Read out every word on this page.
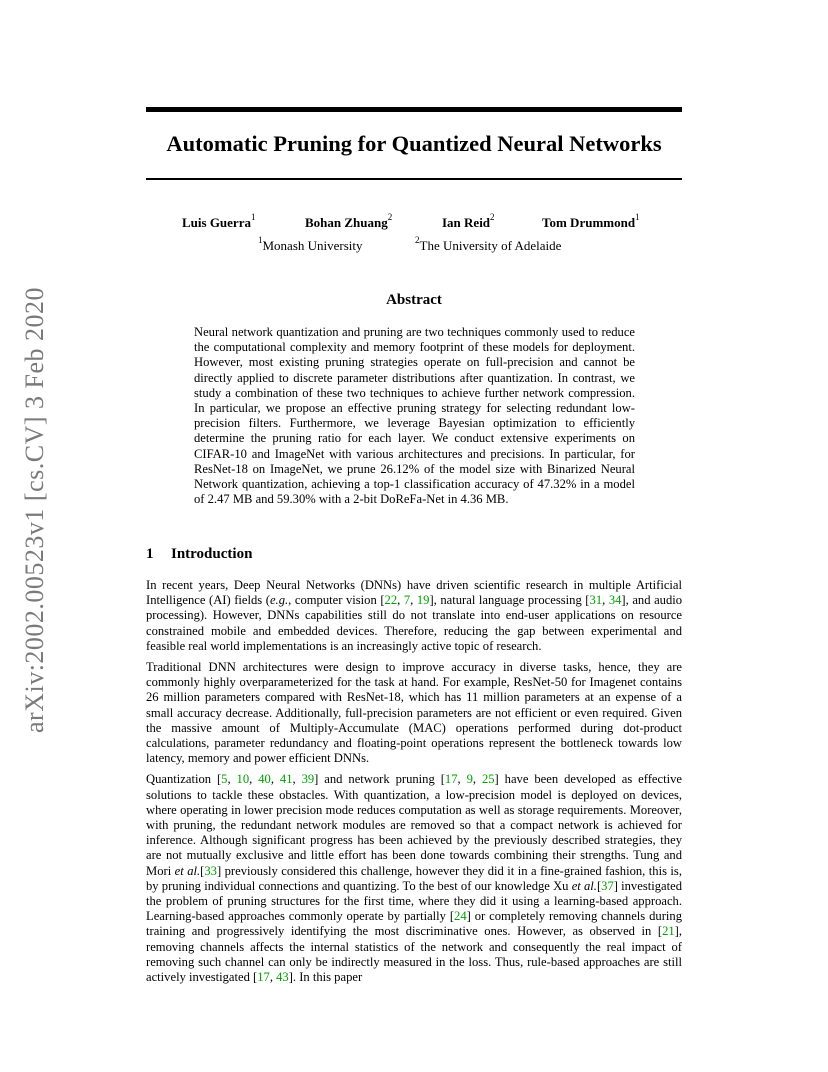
arXiv:2002.00523v1 [cs.CV] 3 Feb 2020
Automatic Pruning for Quantized Neural Networks
Luis Guerra$^1$	Bohan Zhuang$^2$	Ian Reid$^2$	Tom Drummond$^1$
$^1$Monash University	$^2$The University of Adelaide
Abstract

Neural network quantization and pruning are two techniques commonly used to reduce the computational complexity and memory footprint of these models for deployment. However, most existing pruning strategies operate on full-precision and cannot be directly applied to discrete parameter distributions after quantization. In contrast, we study a combination of these two techniques to achieve further network compression. In particular, we propose an effective pruning strategy for selecting redundant low-precision filters. Furthermore, we leverage Bayesian optimization to efficiently determine the pruning ratio for each layer. We conduct extensive experiments on CIFAR-10 and ImageNet with various architectures and precisions. In particular, for ResNet-18 on ImageNet, we prune 26.12% of the model size with Binarized Neural Network quantization, achieving a top-1 classification accuracy of 47.32% in a model of 2.47 MB and 59.30% with a 2-bit DoReFa-Net in 4.36 MB.

1 Introduction

In recent years, Deep Neural Networks (DNNs) have driven scientific research in multiple Artificial Intelligence (AI) fields (e.g., computer vision [22, 7, 19], natural language processing [31, 34], and audio processing). However, DNNs capabilities still do not translate into end-user applications on resource constrained mobile and embedded devices. Therefore, reducing the gap between experimental and feasible real world implementations is an increasingly active topic of research.

Traditional DNN architectures were design to improve accuracy in diverse tasks, hence, they are commonly highly overparameterized for the task at hand. For example, ResNet-50 for Imagenet contains 26 million parameters compared with ResNet-18, which has 11 million parameters at an expense of a small accuracy decrease. Additionally, full-precision parameters are not efficient or even required. Given the massive amount of Multiply-Accumulate (MAC) operations performed during dot-product calculations, parameter redundancy and floating-point operations represent the bottleneck towards low latency, memory and power efficient DNNs.

Quantization [5, 10, 40, 41, 39] and network pruning [17, 9, 25] have been developed as effective solutions to tackle these obstacles. With quantization, a low-precision model is deployed on devices, where operating in lower precision mode reduces computation as well as storage requirements. Moreover, with pruning, the redundant network modules are removed so that a compact network is achieved for inference. Although significant progress has been achieved by the previously described strategies, they are not mutually exclusive and little effort has been done towards combining their strengths. Tung and Mori et al.[33] previously considered this challenge, however they did it in a fine-grained fashion, this is, by pruning individual connections and quantizing. To the best of our knowledge Xu et al.[37] investigated the problem of pruning structures for the first time, where they did it using a learning-based approach. Learning-based approaches commonly operate by partially [24] or completely removing channels during training and progressively identifying the most discriminative ones. However, as observed in [21], removing channels affects the internal statistics of the network and consequently the real impact of removing such channel can only be indirectly measured in the loss. Thus, rule-based approaches are still actively investigated [17, 43]. In this paper
